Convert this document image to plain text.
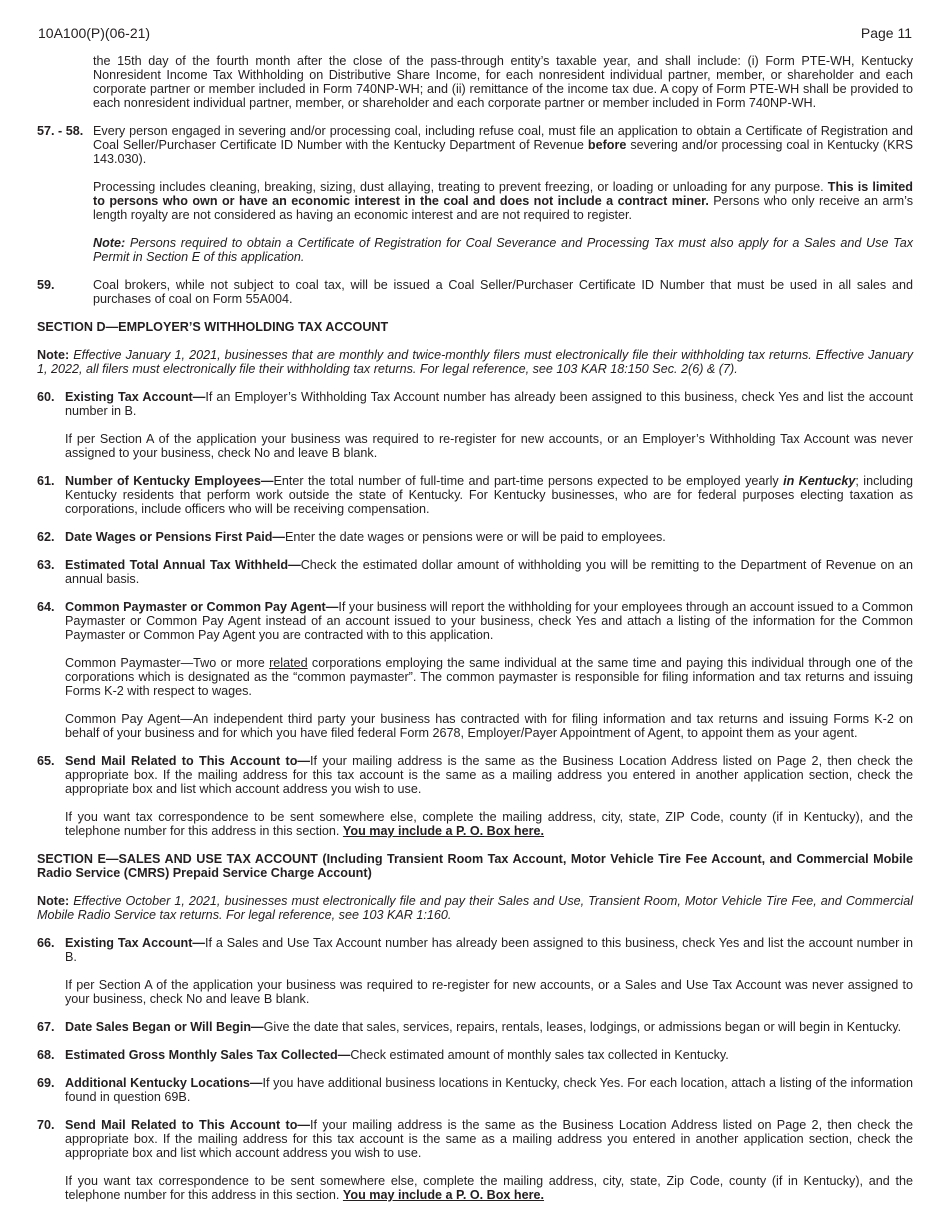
10A100(P)(06-21)	Page 11

the 15th day of the fourth month after the close of the pass-through entity’s taxable year, and shall include: (i) Form PTE-WH, Kentucky Nonresident Income Tax Withholding on Distributive Share Income, for each nonresident individual partner, member, or shareholder and each corporate partner or member included in Form 740NP-WH; and (ii) remittance of the income tax due. A copy of Form PTE-WH shall be provided to each nonresident individual partner, member, or shareholder and each corporate partner or member included in Form 740NP-WH.

57. - 58. Every person engaged in severing and/or processing coal, including refuse coal, must file an application to obtain a Certificate of Registration and Coal Seller/Purchaser Certificate ID Number with the Kentucky Department of Revenue before severing and/or processing coal in Kentucky (KRS 143.030).

Processing includes cleaning, breaking, sizing, dust allaying, treating to prevent freezing, or loading or unloading for any purpose. This is limited to persons who own or have an economic interest in the coal and does not include a contract miner. Persons who only receive an arm’s length royalty are not considered as having an economic interest and are not required to register.

Note: Persons required to obtain a Certificate of Registration for Coal Severance and Processing Tax must also apply for a Sales and Use Tax Permit in Section E of this application.

59.	Coal brokers, while not subject to coal tax, will be issued a Coal Seller/Purchaser Certificate ID Number that must be used in all sales and purchases of coal on Form 55A004.

SECTION D—EMPLOYER’S WITHHOLDING TAX ACCOUNT

Note: Effective January 1, 2021, businesses that are monthly and twice-monthly filers must electronically file their withholding tax returns. Effective January 1, 2022, all filers must electronically file their withholding tax returns. For legal reference, see 103 KAR 18:150 Sec. 2(6) & (7).

60. Existing Tax Account—If an Employer’s Withholding Tax Account number has already been assigned to this business, check Yes and list the account number in B.

If per Section A of the application your business was required to re-register for new accounts, or an Employer’s Withholding Tax Account was never assigned to your business, check No and leave B blank.

61. Number of Kentucky Employees—Enter the total number of full-time and part-time persons expected to be employed yearly in Kentucky; including Kentucky residents that perform work outside the state of Kentucky. For Kentucky businesses, who are for federal purposes electing taxation as corporations, include officers who will be receiving compensation.

62. Date Wages or Pensions First Paid—Enter the date wages or pensions were or will be paid to employees.

63. Estimated Total Annual Tax Withheld—Check the estimated dollar amount of withholding you will be remitting to the Department of Revenue on an annual basis.

64. Common Paymaster or Common Pay Agent—If your business will report the withholding for your employees through an account issued to a Common Paymaster or Common Pay Agent instead of an account issued to your business, check Yes and attach a listing of the information for the Common Paymaster or Common Pay Agent you are contracted with to this application.

Common Paymaster—Two or more related corporations employing the same individual at the same time and paying this individual through one of the corporations which is designated as the “common paymaster”. The common paymaster is responsible for filing information and tax returns and issuing Forms K-2 with respect to wages.

Common Pay Agent—An independent third party your business has contracted with for filing information and tax returns and issuing Forms K-2 on behalf of your business and for which you have filed federal Form 2678, Employer/Payer Appointment of Agent, to appoint them as your agent.

65. Send Mail Related to This Account to—If your mailing address is the same as the Business Location Address listed on Page 2, then check the appropriate box. If the mailing address for this tax account is the same as a mailing address you entered in another application section, check the appropriate box and list which account address you wish to use.

If you want tax correspondence to be sent somewhere else, complete the mailing address, city, state, ZIP Code, county (if in Kentucky), and the telephone number for this address in this section. You may include a P. O. Box here.

SECTION E—SALES AND USE TAX ACCOUNT (Including Transient Room Tax Account, Motor Vehicle Tire Fee Account, and Commercial Mobile Radio Service (CMRS) Prepaid Service Charge Account)

Note: Effective October 1, 2021, businesses must electronically file and pay their Sales and Use, Transient Room, Motor Vehicle Tire Fee, and Commercial Mobile Radio Service tax returns. For legal reference, see 103 KAR 1:160.

66. Existing Tax Account—If a Sales and Use Tax Account number has already been assigned to this business, check Yes and list the account number in B.

If per Section A of the application your business was required to re-register for new accounts, or a Sales and Use Tax Account was never assigned to your business, check No and leave B blank.

67. Date Sales Began or Will Begin—Give the date that sales, services, repairs, rentals, leases, lodgings, or admissions began or will begin in Kentucky.

68. Estimated Gross Monthly Sales Tax Collected—Check estimated amount of monthly sales tax collected in Kentucky.

69. Additional Kentucky Locations—If you have additional business locations in Kentucky, check Yes. For each location, attach a listing of the information found in question 69B.

70. Send Mail Related to This Account to—If your mailing address is the same as the Business Location Address listed on Page 2, then check the appropriate box. If the mailing address for this tax account is the same as a mailing address you entered in another application section, check the appropriate box and list which account address you wish to use.

If you want tax correspondence to be sent somewhere else, complete the mailing address, city, state, Zip Code, county (if in Kentucky), and the telephone number for this address in this section. You may include a P. O. Box here.
